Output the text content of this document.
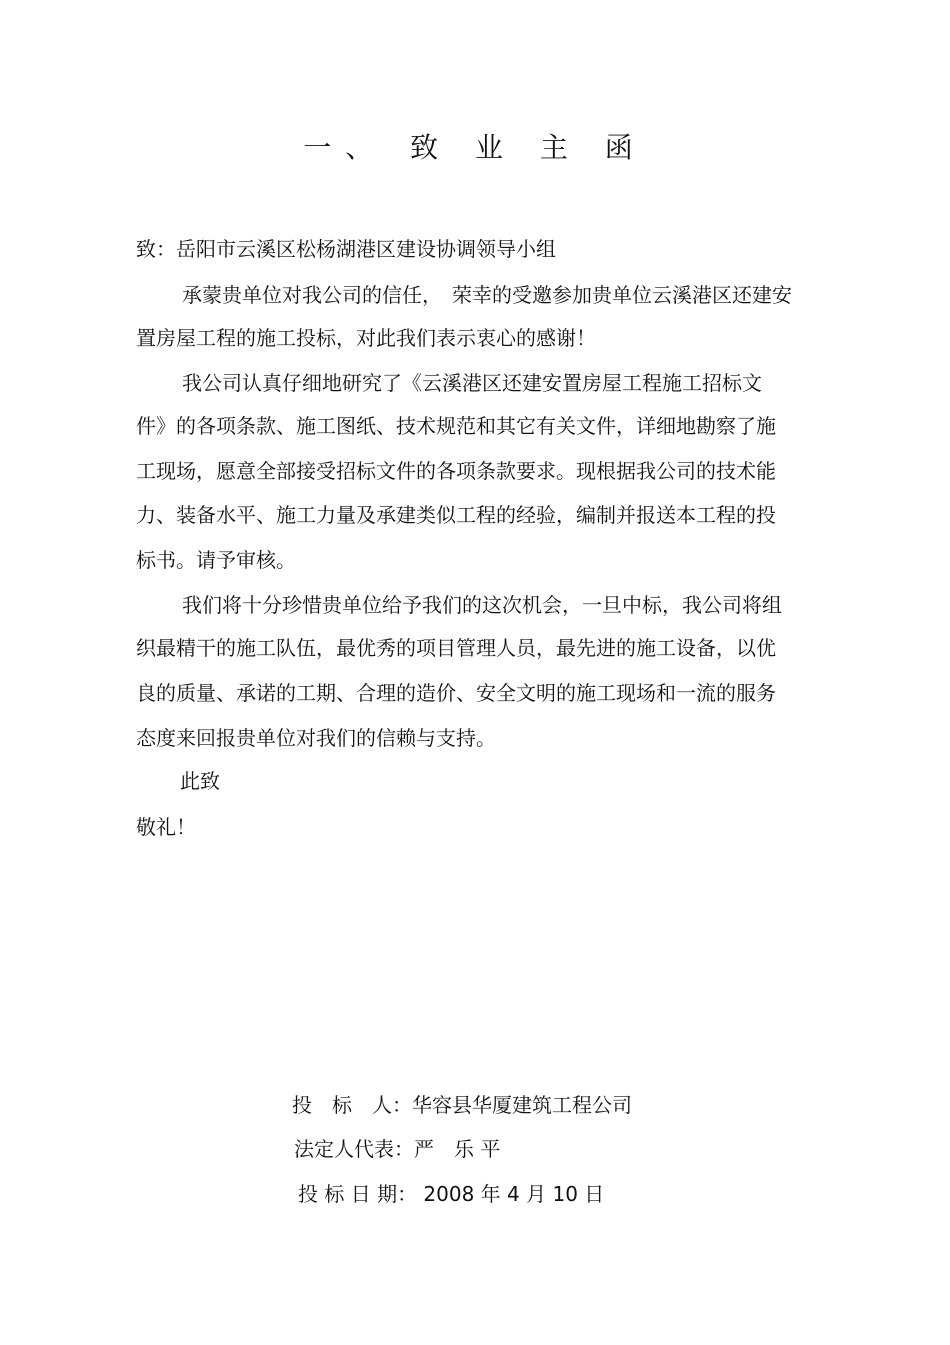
一、 致 业 主 函
致：岳阳市云溪区松杨湖港区建设协调领导小组
承蒙贵单位对我公司的信任，　荣幸的受邀参加贵单位云溪港区还建安
置房屋工程的施工投标，对此我们表示衷心的感谢！
我公司认真仔细地研究了《云溪港区还建安置房屋工程施工招标文
件》的各项条款、施工图纸、技术规范和其它有关文件，详细地勘察了施
工现场，愿意全部接受招标文件的各项条款要求。现根据我公司的技术能
力、装备水平、施工力量及承建类似工程的经验，编制并报送本工程的投
标书。请予审核。
我们将十分珍惜贵单位给予我们的这次机会，一旦中标，我公司将组
织最精干的施工队伍，最优秀的项目管理人员，最先进的施工设备，以优
良的质量、承诺的工期、合理的造价、安全文明的施工现场和一流的服务
态度来回报贵单位对我们的信赖与支持。
此致
敬礼！
投　标　人：华容县华厦建筑工程公司
法定人代表：严　乐 平
投 标 日 期： 2008 年 4 月 10 日
